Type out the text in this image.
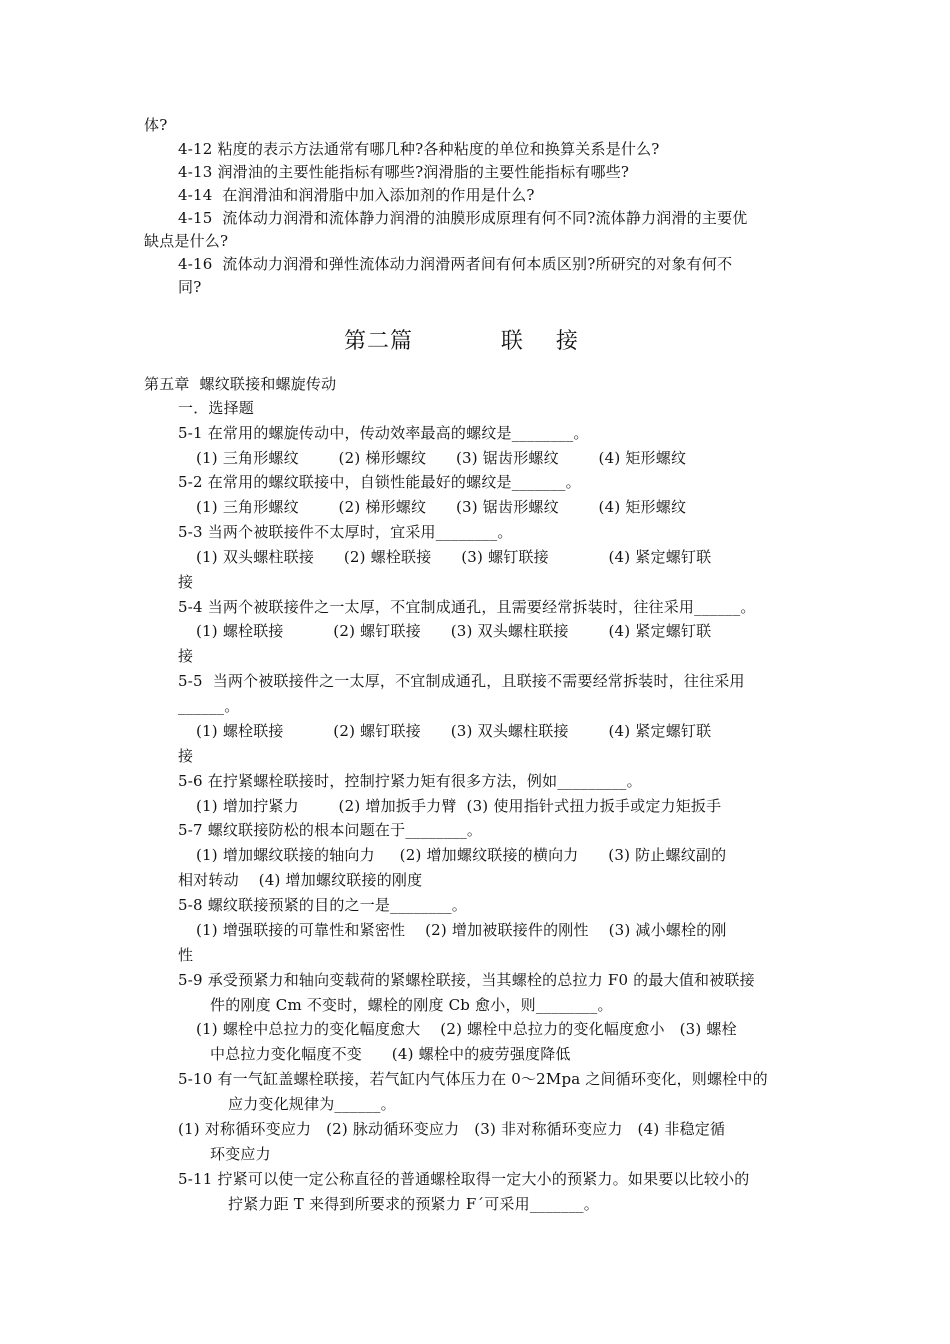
体?
4-12 粘度的表示方法通常有哪几种?各种粘度的单位和换算关系是什么?
4-13 润滑油的主要性能指标有哪些?润滑脂的主要性能指标有哪些?
4-14  在润滑油和润滑脂中加入添加剂的作用是什么?
4-15  流体动力润滑和流体静力润滑的油膜形成原理有何不同?流体静力润滑的主要优
缺点是什么?
4-16  流体动力润滑和弹性流体动力润滑两者间有何本质区别?所研究的对象有何不
同?
第二篇           联    接
第五章  螺纹联接和螺旋传动
一．选择题
5-1 在常用的螺旋传动中，传动效率最高的螺纹是________。
(1) 三角形螺纹        (2) 梯形螺纹      (3) 锯齿形螺纹        (4) 矩形螺纹
5-2 在常用的螺纹联接中，自锁性能最好的螺纹是_______。
(1) 三角形螺纹        (2) 梯形螺纹      (3) 锯齿形螺纹        (4) 矩形螺纹
5-3 当两个被联接件不太厚时，宜采用________。
(1) 双头螺柱联接      (2) 螺栓联接      (3) 螺钉联接            (4) 紧定螺钉联
接
5-4 当两个被联接件之一太厚，不宜制成通孔，且需要经常拆装时，往往采用______。
(1) 螺栓联接          (2) 螺钉联接      (3) 双头螺柱联接        (4) 紧定螺钉联
接
5-5  当两个被联接件之一太厚，不宜制成通孔，且联接不需要经常拆装时，往往采用
______。
(1) 螺栓联接          (2) 螺钉联接      (3) 双头螺柱联接        (4) 紧定螺钉联
接
5-6 在拧紧螺栓联接时，控制拧紧力矩有很多方法，例如_________。
(1) 增加拧紧力        (2) 增加扳手力臂  (3) 使用指针式扭力扳手或定力矩扳手
5-7 螺纹联接防松的根本问题在于________。
(1) 增加螺纹联接的轴向力     (2) 增加螺纹联接的横向力      (3) 防止螺纹副的
相对转动    (4) 增加螺纹联接的刚度
5-8 螺纹联接预紧的目的之一是________。
(1) 增强联接的可靠性和紧密性    (2) 增加被联接件的刚性    (3) 减小螺栓的刚
性
5-9 承受预紧力和轴向变载荷的紧螺栓联接，当其螺栓的总拉力 F0 的最大值和被联接
件的刚度 Cm 不变时，螺栓的刚度 Cb 愈小，则________。
(1) 螺栓中总拉力的变化幅度愈大    (2) 螺栓中总拉力的变化幅度愈小   (3) 螺栓
中总拉力变化幅度不变      (4) 螺栓中的疲劳强度降低
5-10 有一气缸盖螺栓联接，若气缸内气体压力在 0～2Mpa 之间循环变化，则螺栓中的
应力变化规律为______。
(1) 对称循环变应力   (2) 脉动循环变应力   (3) 非对称循环变应力   (4) 非稳定循
环变应力
5-11 拧紧可以使一定公称直径的普通螺栓取得一定大小的预紧力。如果要以比较小的
拧紧力距 T 来得到所要求的预紧力 F´可采用_______。
